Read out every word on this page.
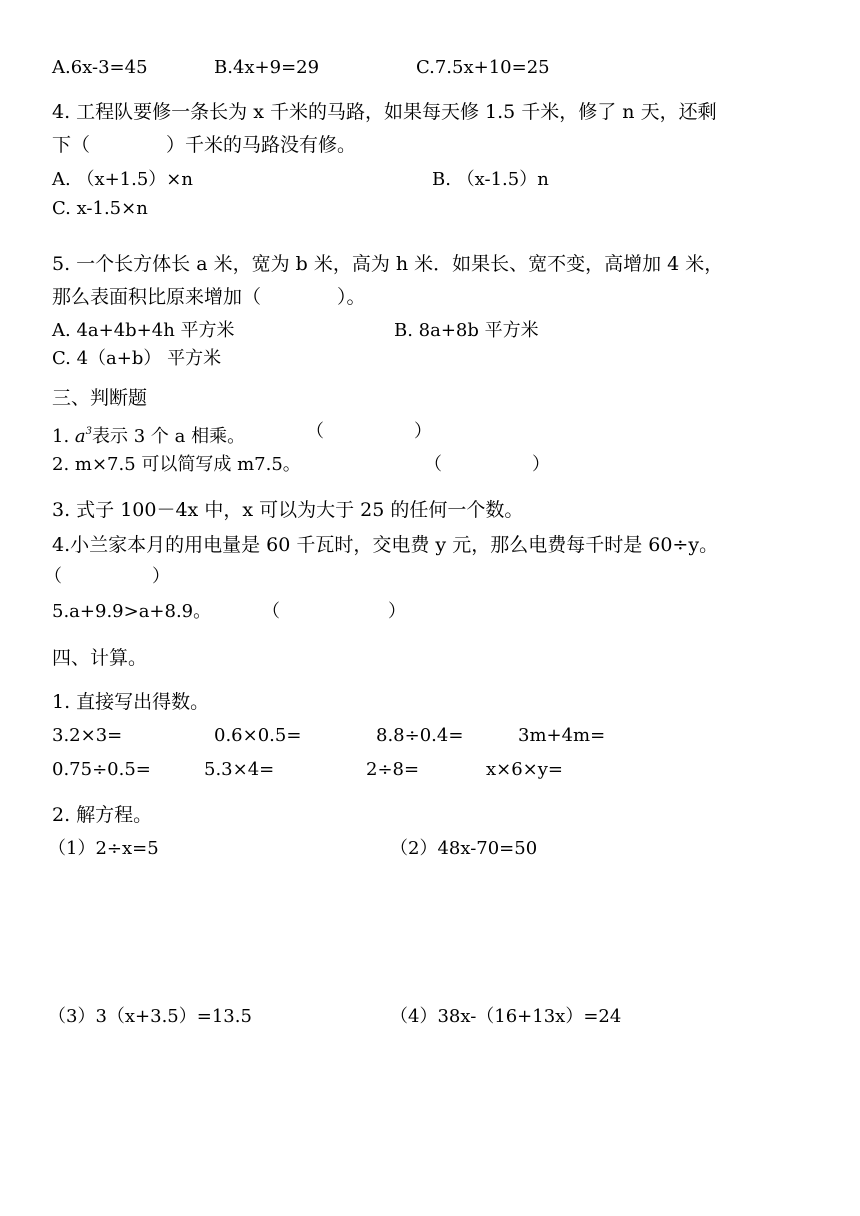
A.6x-3=45	B.4x+9=29	C.7.5x+10=25
4. 工程队要修一条长为 x 千米的马路，如果每天修 1.5 千米，修了 n 天，还剩
下（　　　　）千米的马路没有修。
A. （x+1.5）×n	B. （x-1.5）n
C. x-1.5×n
5. 一个长方体长 a 米，宽为 b 米，高为 h 米．如果长、宽不变，高增加 4 米，
那么表面积比原来增加（　　　　）。
A. 4a+4b+4h 平方米	B. 8a+8b 平方米
C. 4（a+b） 平方米
三、判断题
1. $a^3$表示 3 个 a 相乘。	（　　　　　）
2. m×7.5 可以简写成 m7.5。	（　　　　　）
3. 式子 100－4x 中，x 可以为大于 25 的任何一个数。
4.小兰家本月的用电量是 60 千瓦时，交电费 y 元，那么电费每千时是 60÷y。
（　　　　　）
5.a+9.9>a+8.9。	（　　　　　　）
四、计算。
1. 直接写出得数。
3.2×3=	0.6×0.5=	8.8÷0.4=	3m+4m=
0.75÷0.5=	5.3×4=	2÷8=	x×6×y=
2. 解方程。
（1）2÷x=5	（2）48x-70=50
（3）3（x+3.5）=13.5	（4）38x-（16+13x）=24
